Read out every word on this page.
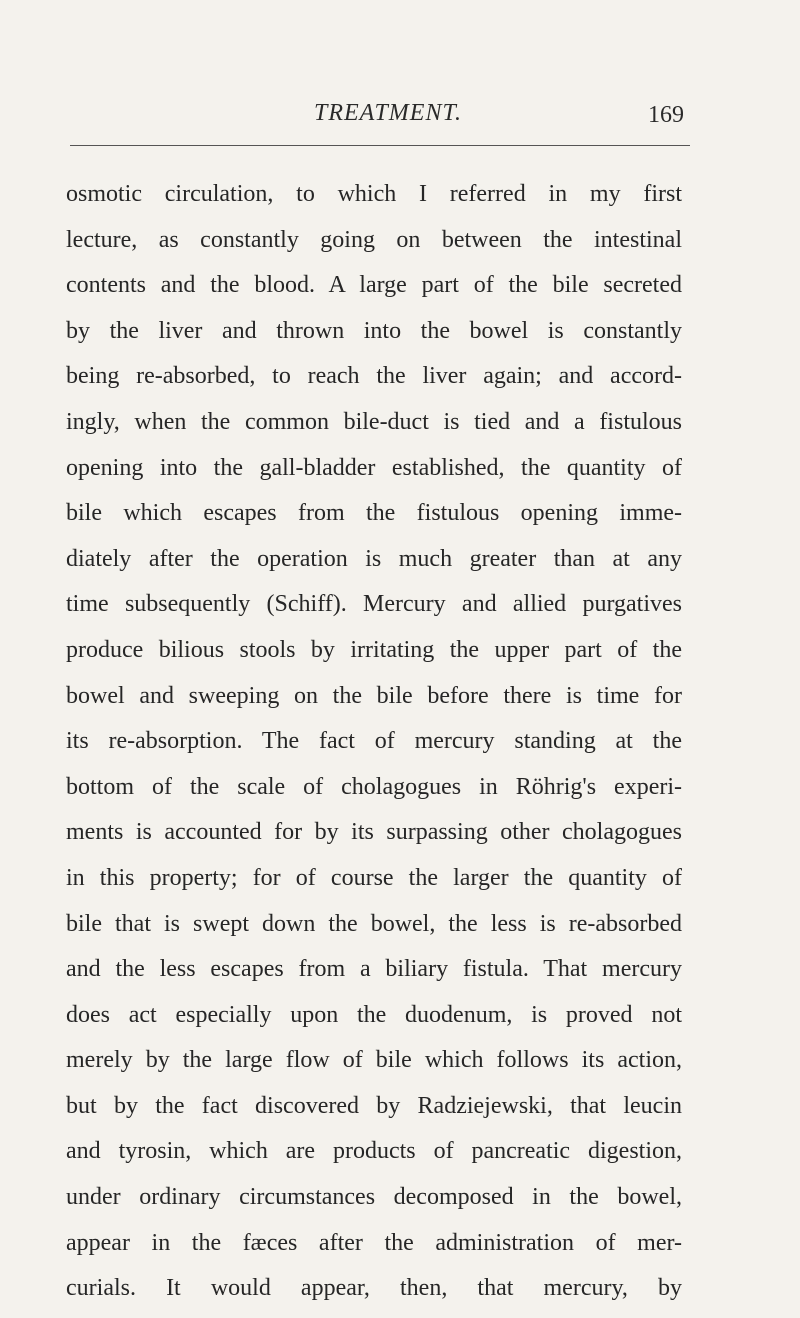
TREATMENT.	169
osmotic circulation, to which I referred in my first
lecture, as constantly going on between the intestinal
contents and the blood. A large part of the bile secreted
by the liver and thrown into the bowel is constantly
being re-absorbed, to reach the liver again; and accord-
ingly, when the common bile-duct is tied and a fistulous
opening into the gall-bladder established, the quantity of
bile which escapes from the fistulous opening imme-
diately after the operation is much greater than at any
time subsequently (Schiff). Mercury and allied purgatives
produce bilious stools by irritating the upper part of the
bowel and sweeping on the bile before there is time for
its re-absorption. The fact of mercury standing at the
bottom of the scale of cholagogues in Röhrig's experi-
ments is accounted for by its surpassing other cholagogues
in this property; for of course the larger the quantity of
bile that is swept down the bowel, the less is re-absorbed
and the less escapes from a biliary fistula. That mercury
does act especially upon the duodenum, is proved not
merely by the large flow of bile which follows its action,
but by the fact discovered by Radziejewski, that leucin
and tyrosin, which are products of pancreatic digestion,
under ordinary circumstances decomposed in the bowel,
appear in the fæces after the administration of mer-
curials. It would appear, then, that mercury, by
